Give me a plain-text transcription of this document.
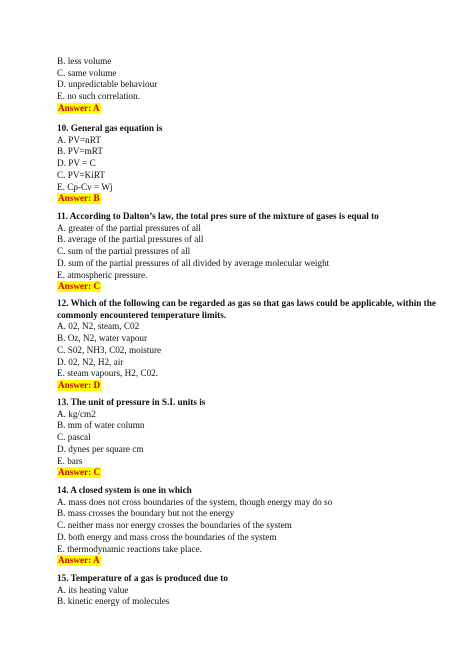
B. less volume
C. same volume
D. unpredictable behaviour
E. no such correlation.
Answer: A
10. General gas equation is
A. PV=nRT
B. PV=mRT
D. PV = C
C. PV=KiRT
E. Cp-Cv = Wj
Answer: B
11. According to Dalton’s law, the total pres sure of the mixture of gases is equal to
A. greater of the partial pressures of all
B. average of the partial pressures of all
C. sum of the partial pressures of all
D. sum of the partial pressures of all divided by average molecular weight
E. atmospheric pressure.
Answer: C
12. Which of the following can be regarded as gas so that gas laws could be applicable, within the commonly encountered temperature limits.
A. 02, N2, steam, C02
B. Oz, N2, water vapour
C. S02, NH3, C02, moisture
D. 02, N2, H2, air
E. steam vapours, H2, C02.
Answer: D
13. The unit of pressure in S.I. units is
A. kg/cm2
B. mm of water column
C. pascal
D. dynes per square cm
E. bars
Answer: C
14. A closed system is one in which
A. mass does not cross boundaries of the system, though energy may do so
B. mass crosses the boundary but not the energy
C. neither mass nor energy crosses the boundaries of the system
D. both energy and mass cross the boundaries of the system
E. thermodynamic reactions take place.
Answer: A
15. Temperature of a gas is produced due to
A. its heating value
B. kinetic energy of molecules
